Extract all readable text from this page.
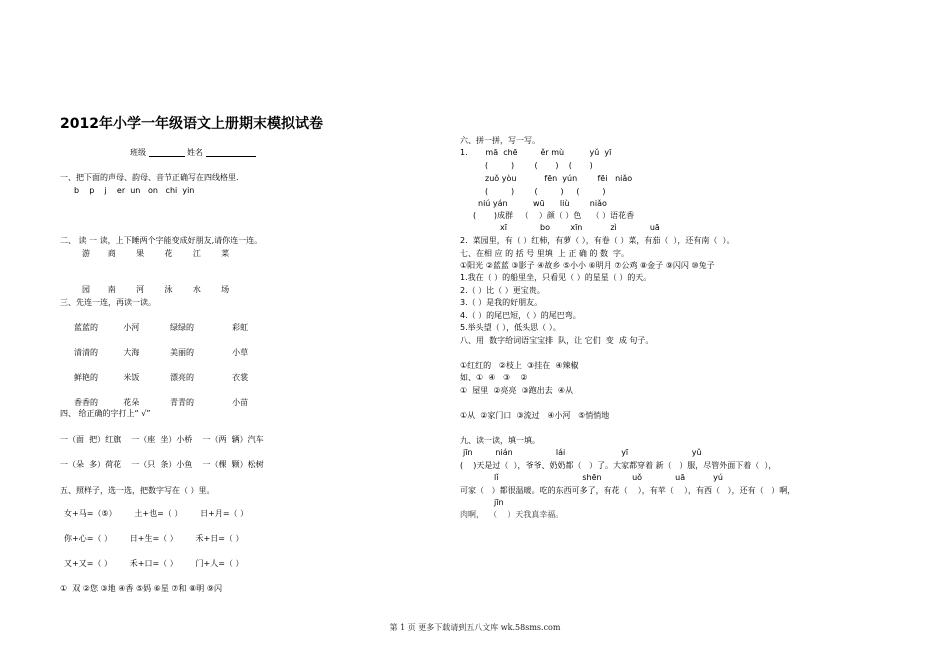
2012年小学一年级语文上册期末模拟试卷
班级	姓名
一、把下面的声母、韵母、音节正确写在四线格里.
b    p    j    er  un   on   chi  yin
二、 读 一 读，上下睡两个字能变成好朋友,请你连一连。
游       商        果        花        江        菜
园       南        河        泳        水        场
三、先连一连，再读一读。
蓝蓝的          小河            绿绿的               彩虹
清清的          大海            美丽的               小草
鲜艳的          米饭            漂亮的               衣裳
香香的          花朵            青青的               小苗
四、 给正确的字打上“ √”
一（面  把）红旗    一（座  坐）小桥    一（两  辆）汽车
一（朵  多）荷花    一（只  条）小鱼    一（棵  颗）松树
五、照样子，选一选，把数字写在（ ）里。
女+马=（⑤）       土+也=（ ）       日+月=（ ）
你+心=（ ）       日+生=（ ）       禾+日=（ ）
又+又=（ ）       禾+口=（ ）       门+人=（ ）
①  双 ②您 ③地 ④香 ⑤妈 ⑥星 ⑦和 ⑧明 ⑨闪
六、拼一拼，写一写。
1.       mā  chē         ěr mù          yǔ  yī
(         )        (       )    (       )
zuǒ yòu           fēn  yún        fēi   niǎo
(         )        (         )     (         )
niú yán          wū      liù        niǎo
(       )成群   （    ）颜（ ）色    （ ）语花香
xī             bo        xīn           zì             uā
2.  菜园里，有（ ）红柿，有萝（ ），有卷（ ）菜，有茄（  ），还有南（  ）。
七、在相 应 的 括 号 里填  上 正 确 的 数  字。
①阳光 ②蓝蓝 ③影子 ④故乡 ⑤小小 ⑥明月 ⑦公鸡 ⑧金子 ⑨闪闪 ⑩兔子
1.我在（ ）的船里坐，只看见（ ）的星星（ ）的天。
2.（ ）比（ ）更宝贵。
3.（ ）是我的好朋友。
4.（ ）的尾巴短，（ ）的尾巴弯。
5.举头望（ ），低头思（ ）。
八、用  数字给词语宝宝排  队，让 它们  变  成 句子。
①红红的   ②枝上  ③挂在  ④辣椒
如、①  ④   ③    ②
①  屋里  ②亮亮  ③跑出去  ④从
①从  ②家门口  ③流过   ④小河   ⑤悄悄地
九、读一读，填一填。
jīn         nián                 lái                      yī                         yǔ
(    )天是过（  ），爷爷、奶奶都（   ）了。大家都穿着 新（   ）服，尽管外面下着（  ），
lǐ                                 shēn            uǒ             uā           yú
可家（   ）都很温暖。吃的东西可多了，有花（    ），有苹（    ），有西（   ），还有（   ）啊，
jīn
肉啊，  （    ）天我真幸福。
第 1 页 更多下载请到五八文库 wk.58sms.com
